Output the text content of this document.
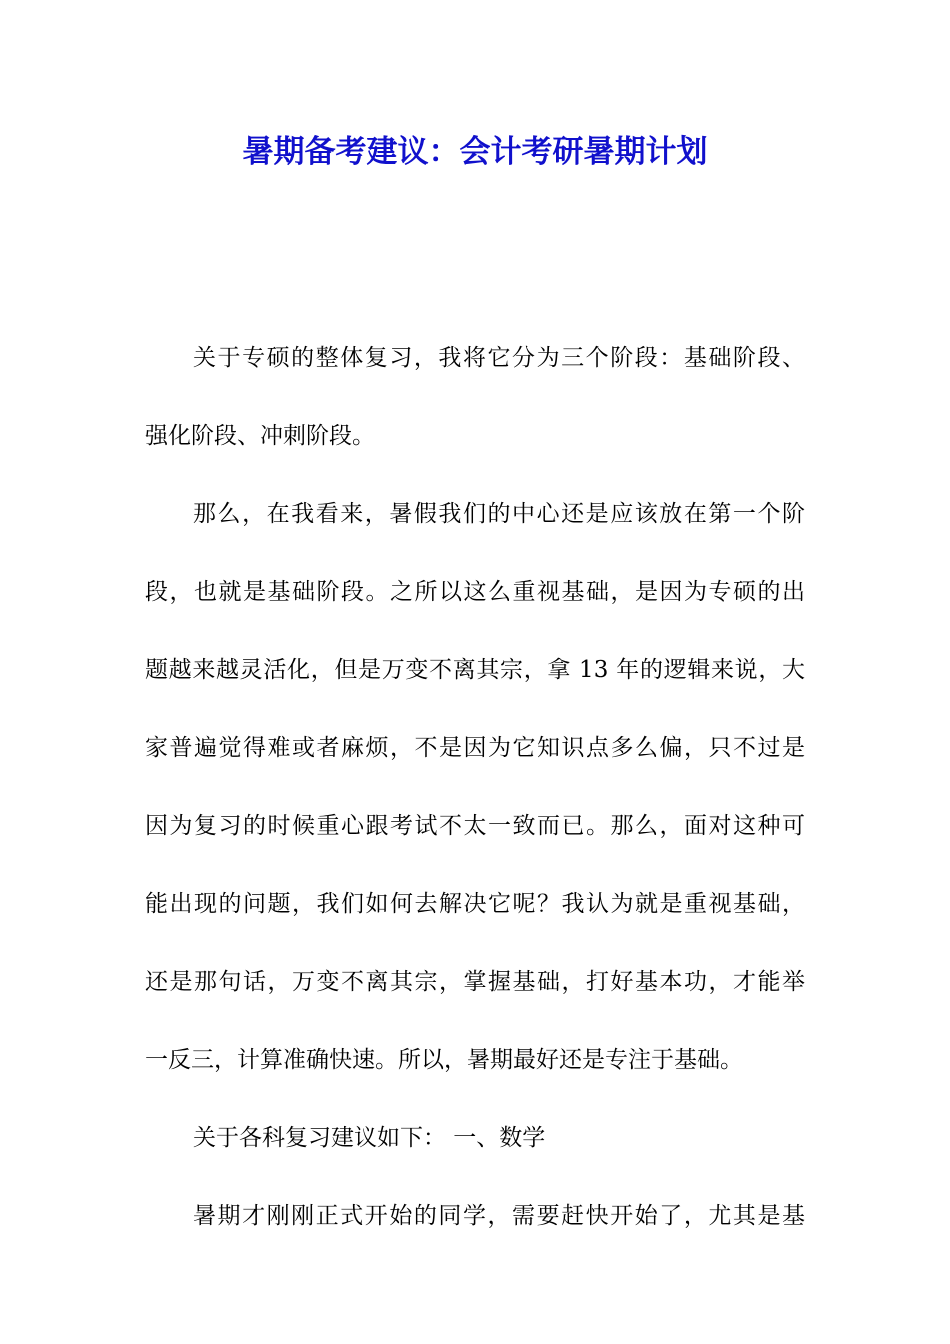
暑期备考建议：会计考研暑期计划
关于专硕的整体复习，我将它分为三个阶段：基础阶段、
强化阶段、冲刺阶段。
那么，在我看来，暑假我们的中心还是应该放在第一个阶
段，也就是基础阶段。之所以这么重视基础，是因为专硕的出
题越来越灵活化，但是万变不离其宗，拿 13 年的逻辑来说，大
家普遍觉得难或者麻烦，不是因为它知识点多么偏，只不过是
因为复习的时候重心跟考试不太一致而已。那么，面对这种可
能出现的问题，我们如何去解决它呢？我认为就是重视基础，
还是那句话，万变不离其宗，掌握基础，打好基本功，才能举
一反三，计算准确快速。所以，暑期最好还是专注于基础。
关于各科复习建议如下： 一、数学
暑期才刚刚正式开始的同学，需要赶快开始了，尤其是基
